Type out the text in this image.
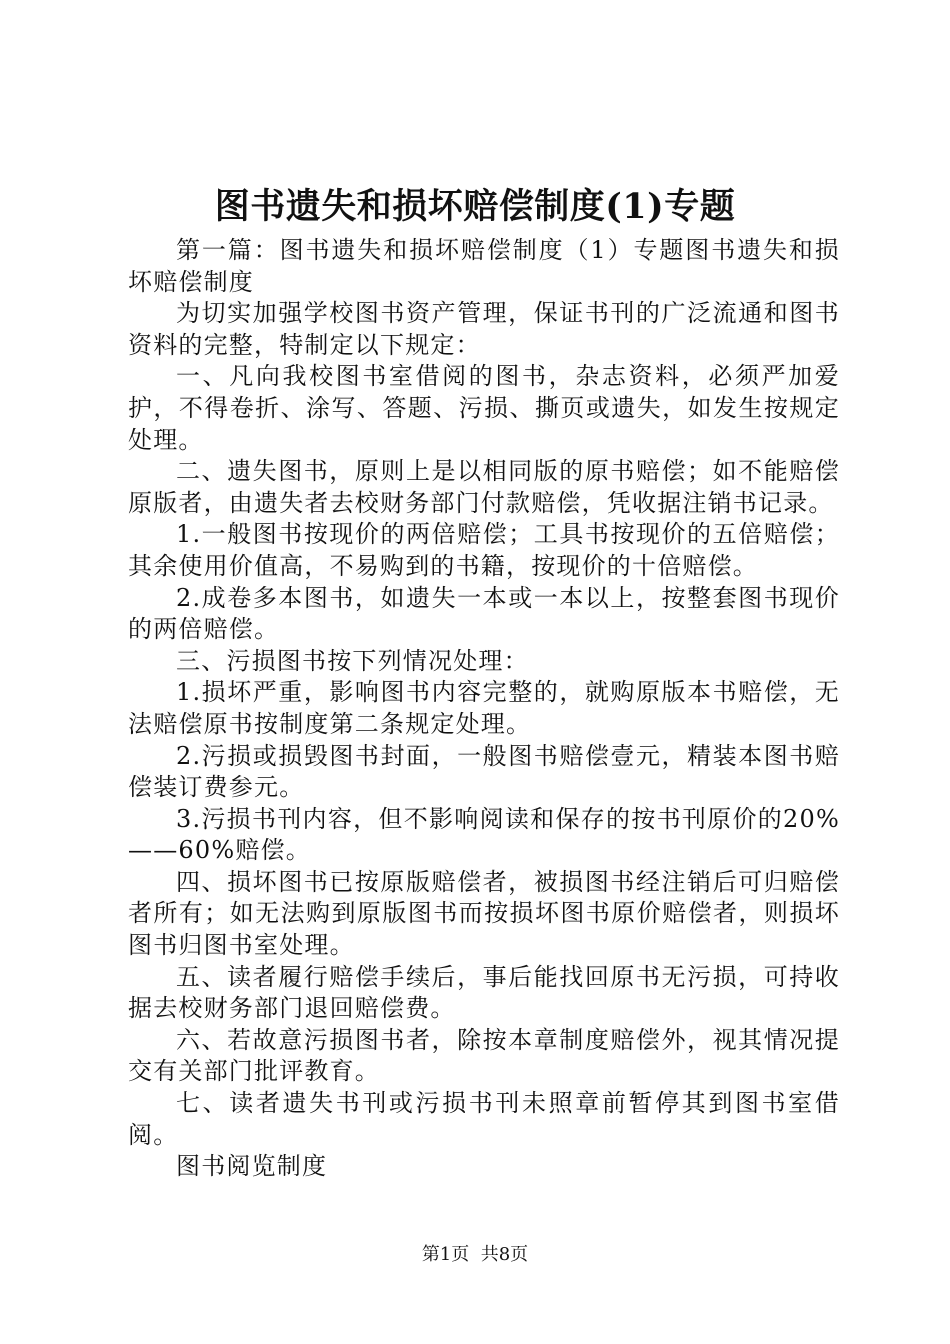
图书遗失和损坏赔偿制度(1)专题

第一篇：图书遗失和损坏赔偿制度（1）专题图书遗失和损坏赔偿制度

为切实加强学校图书资产管理，保证书刊的广泛流通和图书资料的完整，特制定以下规定：

一、凡向我校图书室借阅的图书，杂志资料，必须严加爱护，不得卷折、涂写、答题、污损、撕页或遗失，如发生按规定处理。

二、遗失图书，原则上是以相同版的原书赔偿；如不能赔偿原版者，由遗失者去校财务部门付款赔偿，凭收据注销书记录。

1.一般图书按现价的两倍赔偿；工具书按现价的五倍赔偿；其余使用价值高，不易购到的书籍，按现价的十倍赔偿。

2.成卷多本图书，如遗失一本或一本以上，按整套图书现价的两倍赔偿。

三、污损图书按下列情况处理：

1.损坏严重，影响图书内容完整的，就购原版本书赔偿，无法赔偿原书按制度第二条规定处理。

2.污损或损毁图书封面，一般图书赔偿壹元，精装本图书赔偿装订费参元。

3.污损书刊内容，但不影响阅读和保存的按书刊原价的20%——60%赔偿。

四、损坏图书已按原版赔偿者，被损图书经注销后可归赔偿者所有；如无法购到原版图书而按损坏图书原价赔偿者，则损坏图书归图书室处理。

五、读者履行赔偿手续后，事后能找回原书无污损，可持收据去校财务部门退回赔偿费。

六、若故意污损图书者，除按本章制度赔偿外，视其情况提交有关部门批评教育。

七、读者遗失书刊或污损书刊未照章前暂停其到图书室借阅。

图书阅览制度

第1页 共8页
